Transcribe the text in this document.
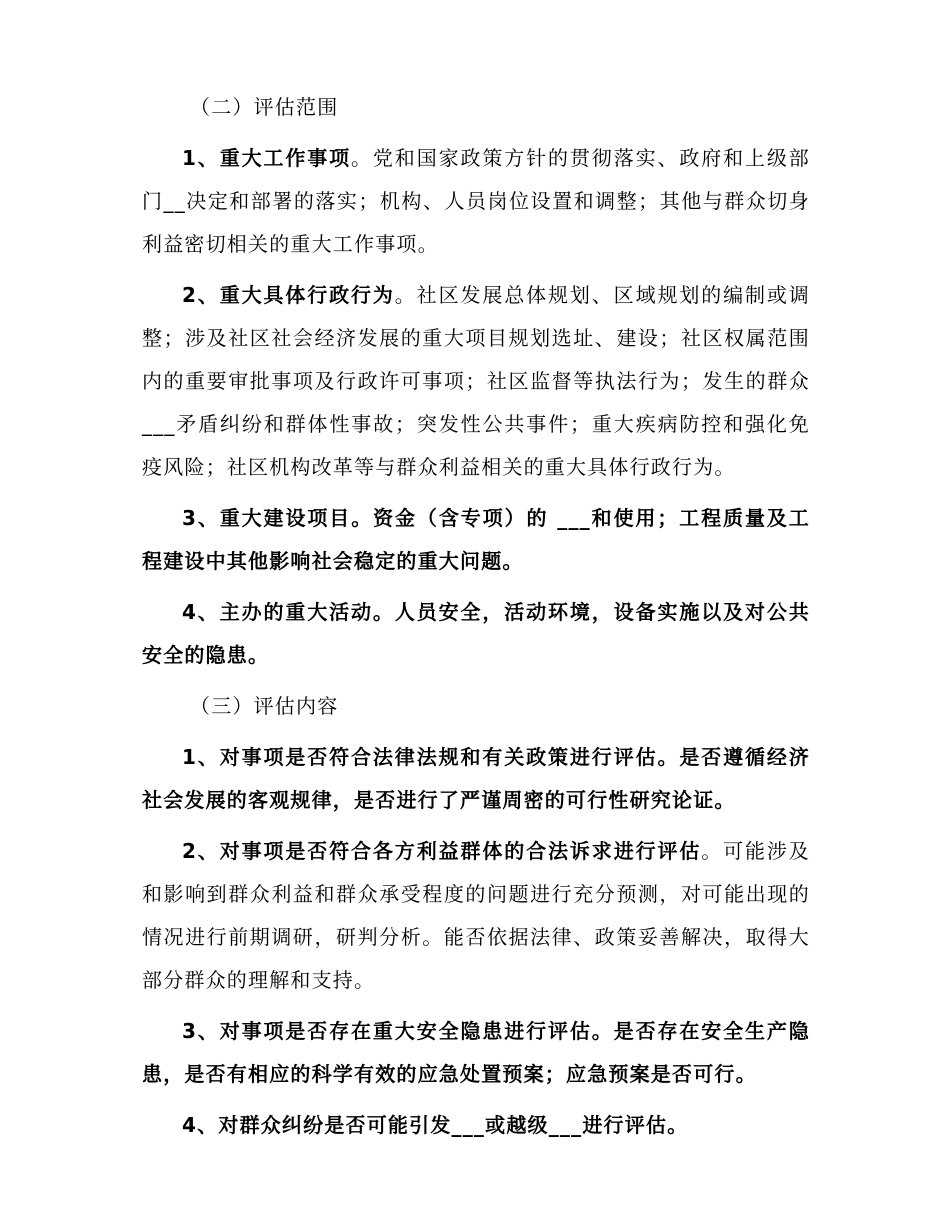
（二）评估范围

1、重大工作事项。党和国家政策方针的贯彻落实、政府和上级部门__决定和部署的落实；机构、人员岗位设置和调整；其他与群众切身利益密切相关的重大工作事项。

2、重大具体行政行为。社区发展总体规划、区域规划的编制或调整；涉及社区社会经济发展的重大项目规划选址、建设；社区权属范围内的重要审批事项及行政许可事项；社区监督等执法行为；发生的群众___矛盾纠纷和群体性事故；突发性公共事件；重大疾病防控和强化免疫风险；社区机构改革等与群众利益相关的重大具体行政行为。

3、重大建设项目。资金（含专项）的 ___和使用；工程质量及工程建设中其他影响社会稳定的重大问题。

4、主办的重大活动。人员安全，活动环境，设备实施以及对公共安全的隐患。

（三）评估内容

1、对事项是否符合法律法规和有关政策进行评估。是否遵循经济社会发展的客观规律，是否进行了严谨周密的可行性研究论证。

2、对事项是否符合各方利益群体的合法诉求进行评估。可能涉及和影响到群众利益和群众承受程度的问题进行充分预测，对可能出现的情况进行前期调研，研判分析。能否依据法律、政策妥善解决，取得大部分群众的理解和支持。

3、对事项是否存在重大安全隐患进行评估。是否存在安全生产隐患，是否有相应的科学有效的应急处置预案；应急预案是否可行。

4、对群众纠纷是否可能引发___或越级___进行评估。
